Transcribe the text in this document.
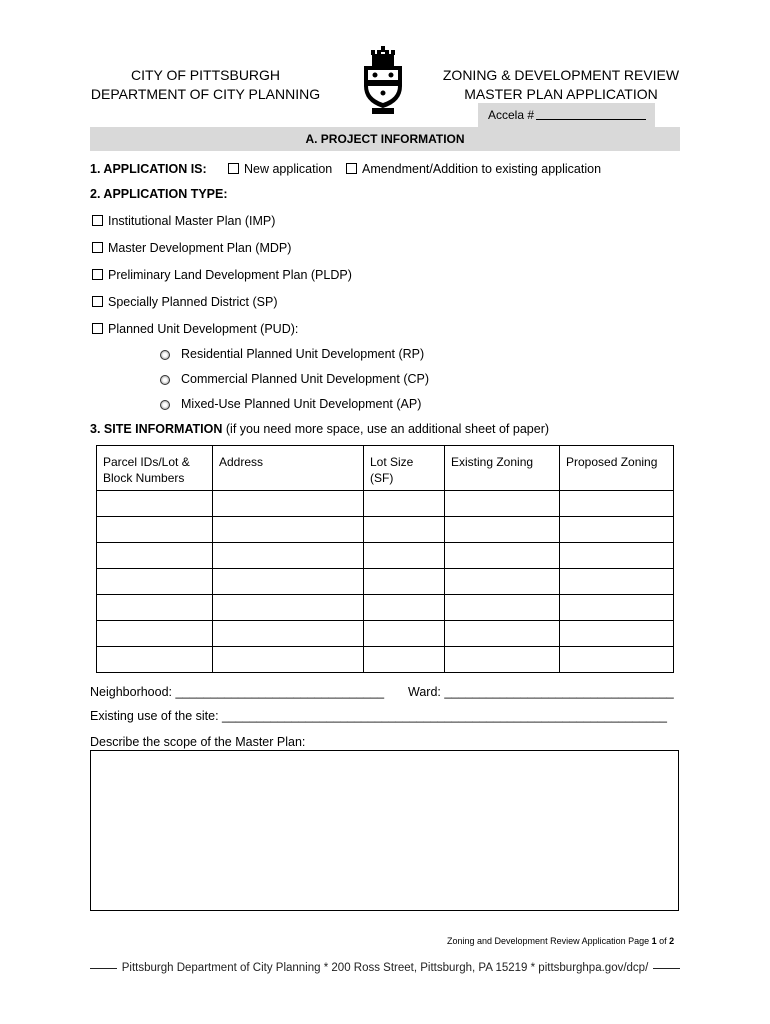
CITY OF PITTSBURGH
DEPARTMENT OF CITY PLANNING
ZONING & DEVELOPMENT REVIEW
MASTER PLAN APPLICATION
Accela #
A. PROJECT INFORMATION
1. APPLICATION IS:	New application	Amendment/Addition to existing application
2. APPLICATION TYPE:
Institutional Master Plan (IMP)
Master Development Plan (MDP)
Preliminary Land Development Plan (PLDP)
Specially Planned District (SP)
Planned Unit Development (PUD):
Residential Planned Unit Development (RP)
Commercial Planned Unit Development (CP)
Mixed-Use Planned Unit Development (AP)
3. SITE INFORMATION (if you need more space, use an additional sheet of paper)
Parcel IDs/Lot & Block Numbers	Address	Lot Size (SF)	Existing Zoning	Proposed Zoning

Neighborhood: ______________________________ Ward: _________________________________
Existing use of the site: ________________________________________________________________
Describe the scope of the Master Plan:
Zoning and Development Review Application Page 1 of 2
Pittsburgh Department of City Planning * 200 Ross Street, Pittsburgh, PA 15219 * pittsburghpa.gov/dcp/
